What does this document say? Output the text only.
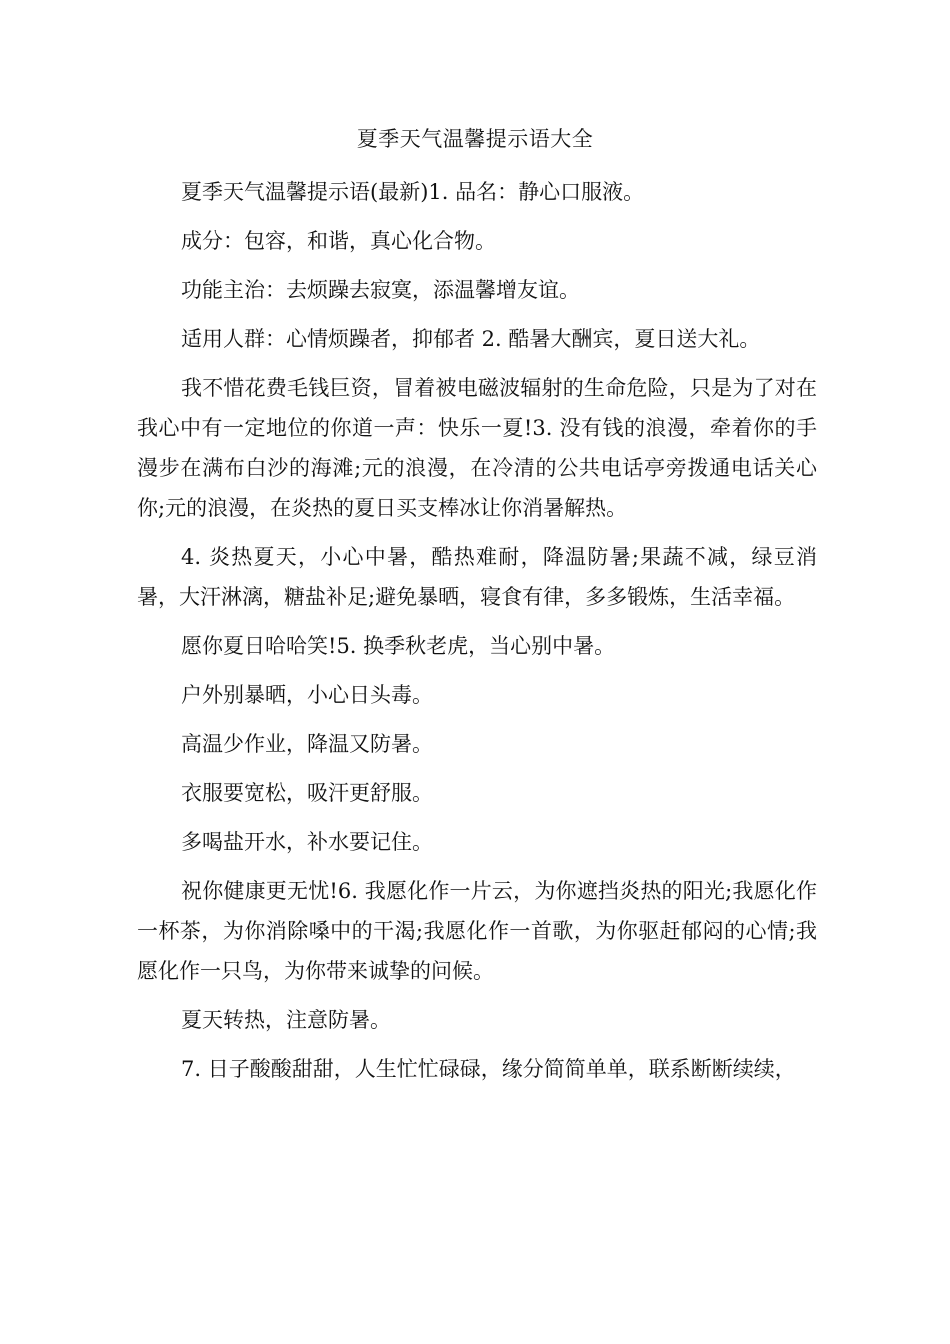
夏季天气温馨提示语大全

夏季天气温馨提示语(最新)1. 品名：静心口服液。

成分：包容，和谐，真心化合物。

功能主治：去烦躁去寂寞，添温馨增友谊。

适用人群：心情烦躁者，抑郁者 2. 酷暑大酬宾，夏日送大礼。

我不惜花费毛钱巨资，冒着被电磁波辐射的生命危险，只是为了对在我心中有一定地位的你道一声：快乐一夏!3. 没有钱的浪漫，牵着你的手漫步在满布白沙的海滩;元的浪漫，在冷清的公共电话亭旁拨通电话关心你;元的浪漫，在炎热的夏日买支棒冰让你消暑解热。

4. 炎热夏天，小心中暑，酷热难耐，降温防暑;果蔬不减，绿豆消暑，大汗淋漓，糖盐补足;避免暴晒，寝食有律，多多锻炼，生活幸福。

愿你夏日哈哈笑!5. 换季秋老虎，当心别中暑。

户外别暴晒，小心日头毒。

高温少作业，降温又防暑。

衣服要宽松，吸汗更舒服。

多喝盐开水，补水要记住。

祝你健康更无忧!6. 我愿化作一片云，为你遮挡炎热的阳光;我愿化作一杯茶，为你消除嗓中的干渴;我愿化作一首歌，为你驱赶郁闷的心情;我愿化作一只鸟，为你带来诚挚的问候。

夏天转热，注意防暑。

7. 日子酸酸甜甜，人生忙忙碌碌，缘分简简单单，联系断断续续，
